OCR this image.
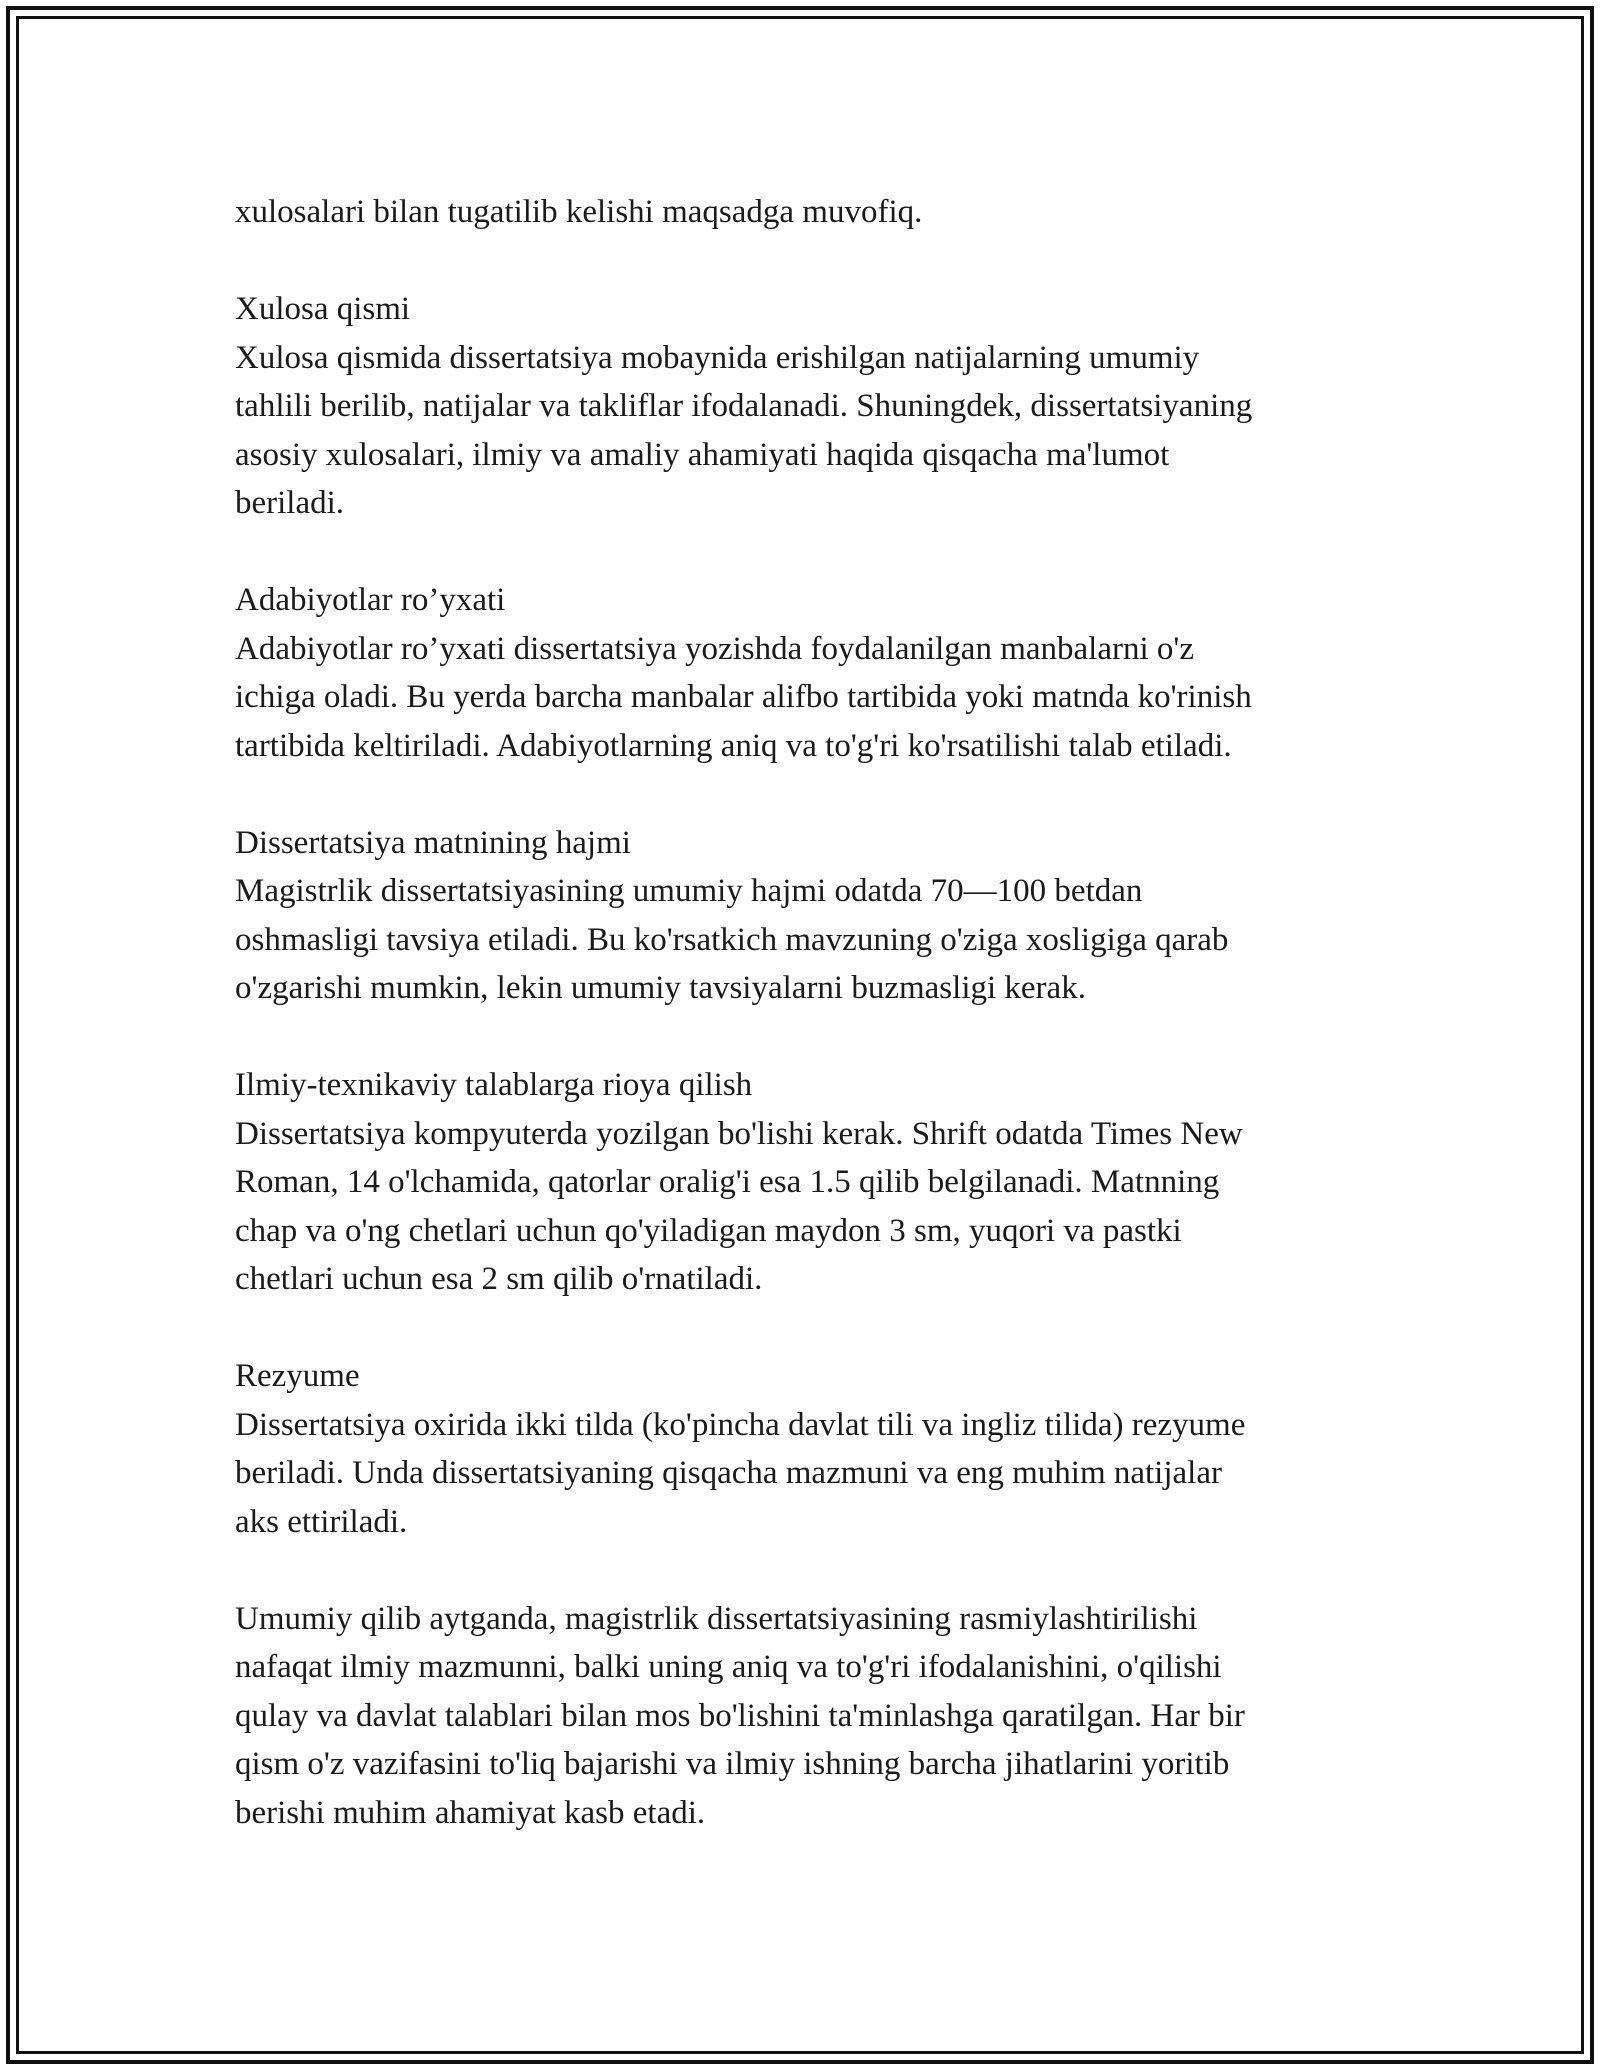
xulosalari bilan tugatilib kelishi maqsadga muvofiq.

Xulosa qismi

Xulosa qismida dissertatsiya mobaynida erishilgan natijalarning umumiy

tahlili berilib, natijalar va takliflar ifodalanadi. Shuningdek, dissertatsiyaning

asosiy xulosalari, ilmiy va amaliy ahamiyati haqida qisqacha ma'lumot

beriladi.

Adabiyotlar ro’yxati

Adabiyotlar ro’yxati dissertatsiya yozishda foydalanilgan manbalarni o'z

ichiga oladi. Bu yerda barcha manbalar alifbo tartibida yoki matnda ko'rinish

tartibida keltiriladi. Adabiyotlarning aniq va to'g'ri ko'rsatilishi talab etiladi.

Dissertatsiya matnining hajmi

Magistrlik dissertatsiyasining umumiy hajmi odatda 70—100 betdan

oshmasligi tavsiya etiladi. Bu ko'rsatkich mavzuning o'ziga xosligiga qarab

o'zgarishi mumkin, lekin umumiy tavsiyalarni buzmasligi kerak.

Ilmiy-texnikaviy talablarga rioya qilish

Dissertatsiya kompyuterda yozilgan bo'lishi kerak. Shrift odatda Times New

Roman, 14 o'lchamida, qatorlar oralig'i esa 1.5 qilib belgilanadi. Matnning

chap va o'ng chetlari uchun qo'yiladigan maydon 3 sm, yuqori va pastki

chetlari uchun esa 2 sm qilib o'rnatiladi.

Rezyume

Dissertatsiya oxirida ikki tilda (ko'pincha davlat tili va ingliz tilida) rezyume

beriladi. Unda dissertatsiyaning qisqacha mazmuni va eng muhim natijalar

aks ettiriladi.

Umumiy qilib aytganda, magistrlik dissertatsiyasining rasmiylashtirilishi

nafaqat ilmiy mazmunni, balki uning aniq va to'g'ri ifodalanishini, o'qilishi

qulay va davlat talablari bilan mos bo'lishini ta'minlashga qaratilgan. Har bir

qism o'z vazifasini to'liq bajarishi va ilmiy ishning barcha jihatlarini yoritib

berishi muhim ahamiyat kasb etadi.
